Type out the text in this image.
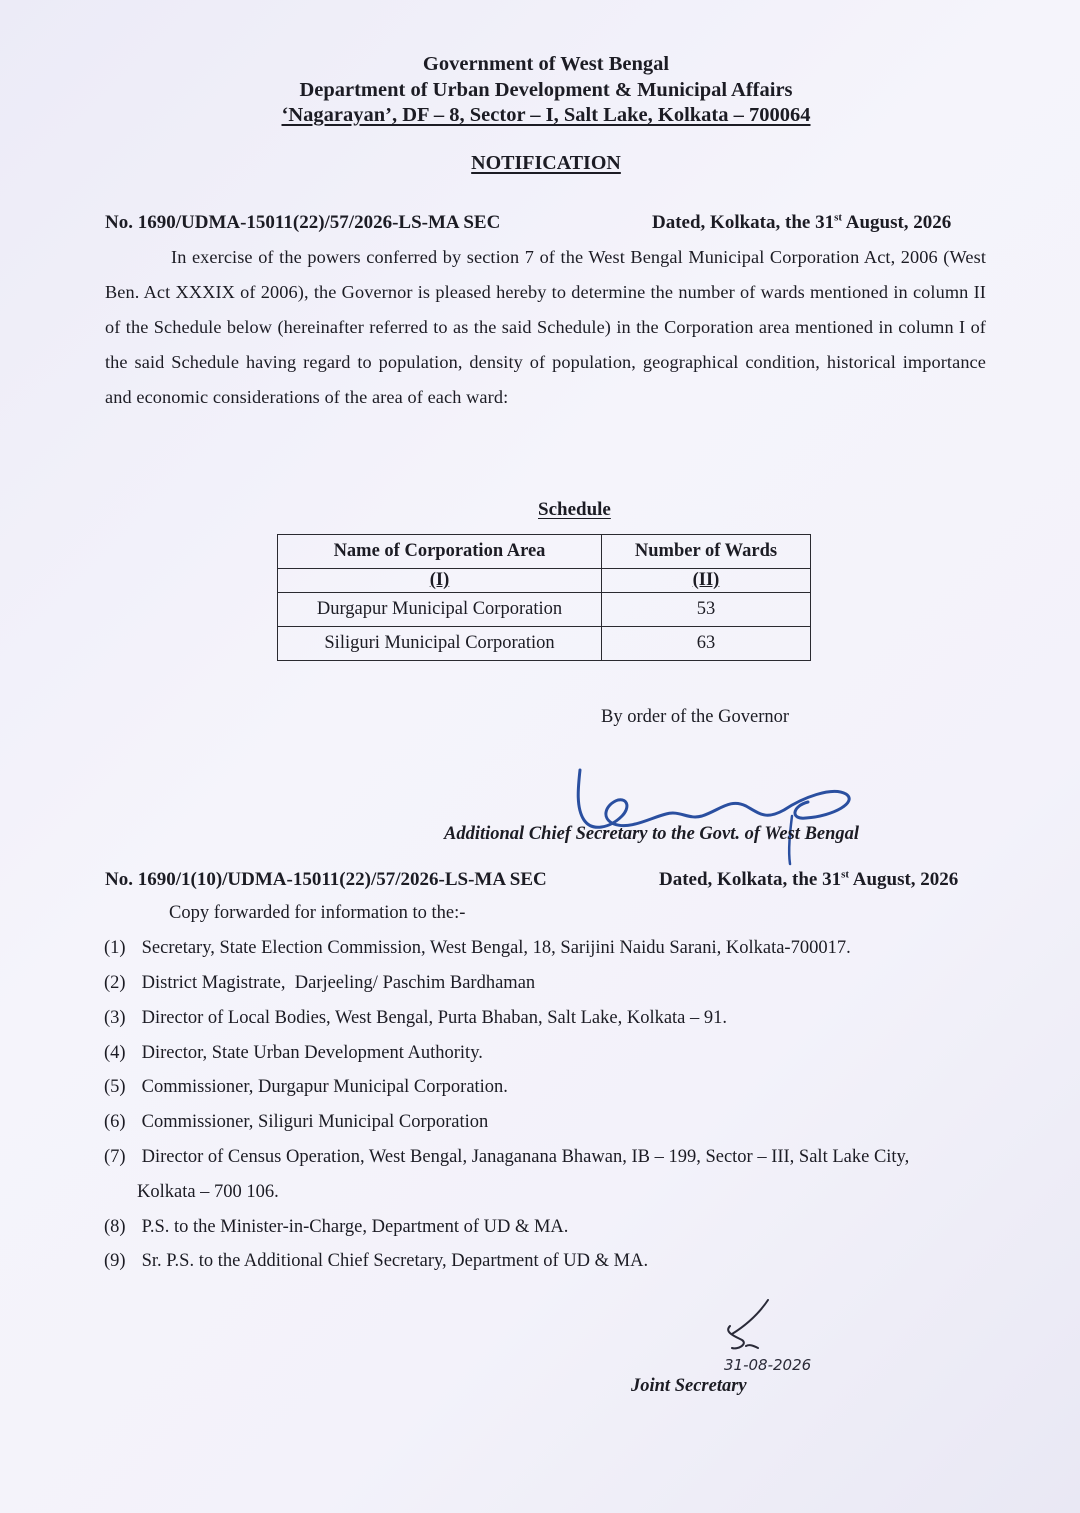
Government of West Bengal
Department of Urban Development & Municipal Affairs
‘Nagarayan’, DF – 8, Sector – I, Salt Lake, Kolkata – 700064
NOTIFICATION
No. 1690/UDMA-15011(22)/57/2026-LS-MA SEC	Dated, Kolkata, the 31st August, 2026
In exercise of the powers conferred by section 7 of the West Bengal Municipal Corporation Act, 2006 (West Ben. Act XXXIX of 2006), the Governor is pleased hereby to determine the number of wards mentioned in column II of the Schedule below (hereinafter referred to as the said Schedule) in the Corporation area mentioned in column I of the said Schedule having regard to population, density of population, geographical condition, historical importance and economic considerations of the area of each ward:
Schedule
Name of Corporation Area	Number of Wards
(I)	(II)
Durgapur Municipal Corporation	53
Siliguri Municipal Corporation	63
By order of the Governor
Additional Chief Secretary to the Govt. of West Bengal
No. 1690/1(10)/UDMA-15011(22)/57/2026-LS-MA SEC	Dated, Kolkata, the 31st August, 2026
Copy forwarded for information to the:-
(1) Secretary, State Election Commission, West Bengal, 18, Sarijini Naidu Sarani, Kolkata-700017.
(2) District Magistrate,  Darjeeling/ Paschim Bardhaman
(3) Director of Local Bodies, West Bengal, Purta Bhaban, Salt Lake, Kolkata – 91.
(4) Director, State Urban Development Authority.
(5) Commissioner, Durgapur Municipal Corporation.
(6) Commissioner, Siliguri Municipal Corporation
(7) Director of Census Operation, West Bengal, Janaganana Bhawan, IB – 199, Sector – III, Salt Lake City,
Kolkata – 700 106.
(8) P.S. to the Minister-in-Charge, Department of UD & MA.
(9) Sr. P.S. to the Additional Chief Secretary, Department of UD & MA.
31-08-2026
Joint Secretary
